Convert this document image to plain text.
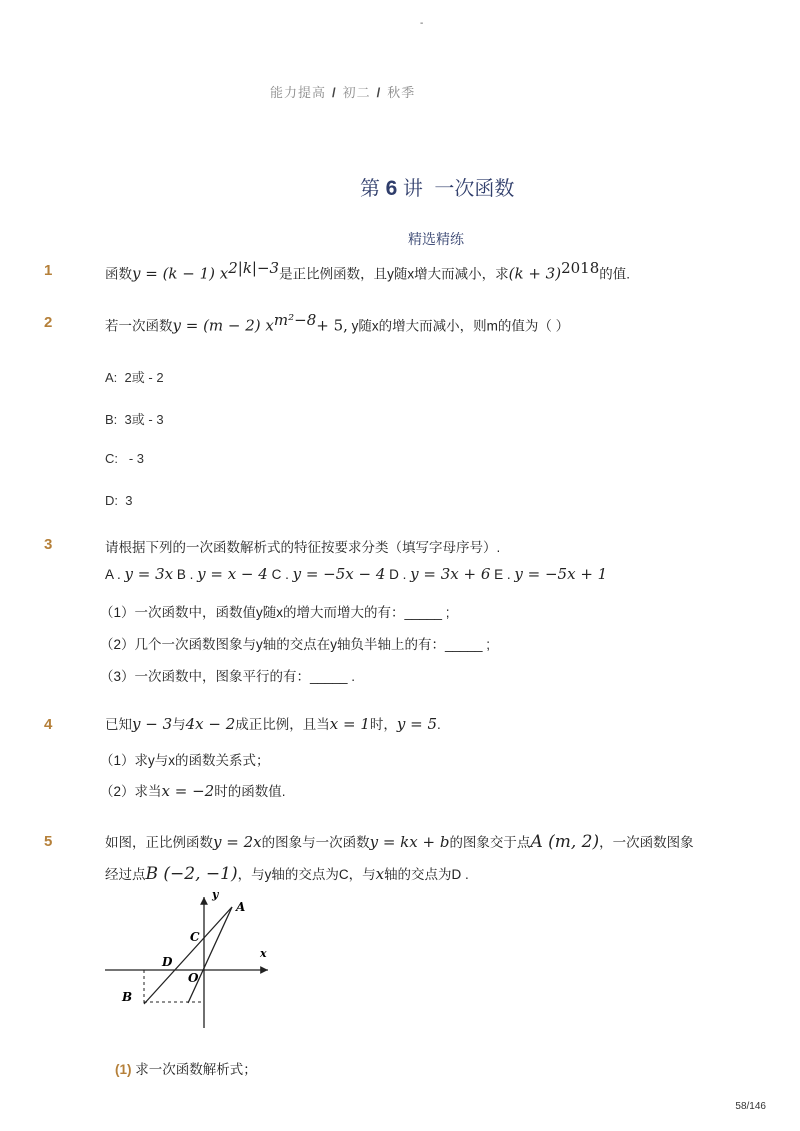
-
能力提高 / 初二 / 秋季
第 6 讲 一次函数
精选精练
1	函数y = (k − 1) $x^{2|k|-3}$是正比例函数，且y随x增大而减小，求$(k + 3)^{2018}$的值.
2	若一次函数y = (m − 2) $x^{m^2-8}+ 5$, y随x的增大而减小，则m的值为（ ）
A: 2或 - 2
B: 3或 - 3
C:   - 3
D: 3
3	请根据下列的一次函数解析式的特征按要求分类（填写字母序号）.
A . y = 3x B . y = x − 4 C . y = −5x − 4 D . y = 3x + 6 E . y = −5x + 1
（1）一次函数中，函数值y随x的增大而增大的有：_____ ;
（2）几个一次函数图象与y轴的交点在y轴负半轴上的有：_____ ;
（3）一次函数中，图象平行的有：_____ .
4	已知y − 3与4x − 2成正比例，且当x = 1时，y = 5.
（1）求y与x的函数关系式；
（2）求当x = −2时的函数值.
5	如图，正比例函数y = 2x的图象与一次函数y = kx + b的图象交于点A (m, 2)，一次函数图象
经过点B (−2, −1)，与y轴的交点为C，与x轴的交点为D .
y
x
A
B
C
D
O
(1) 求一次函数解析式；
58/146
